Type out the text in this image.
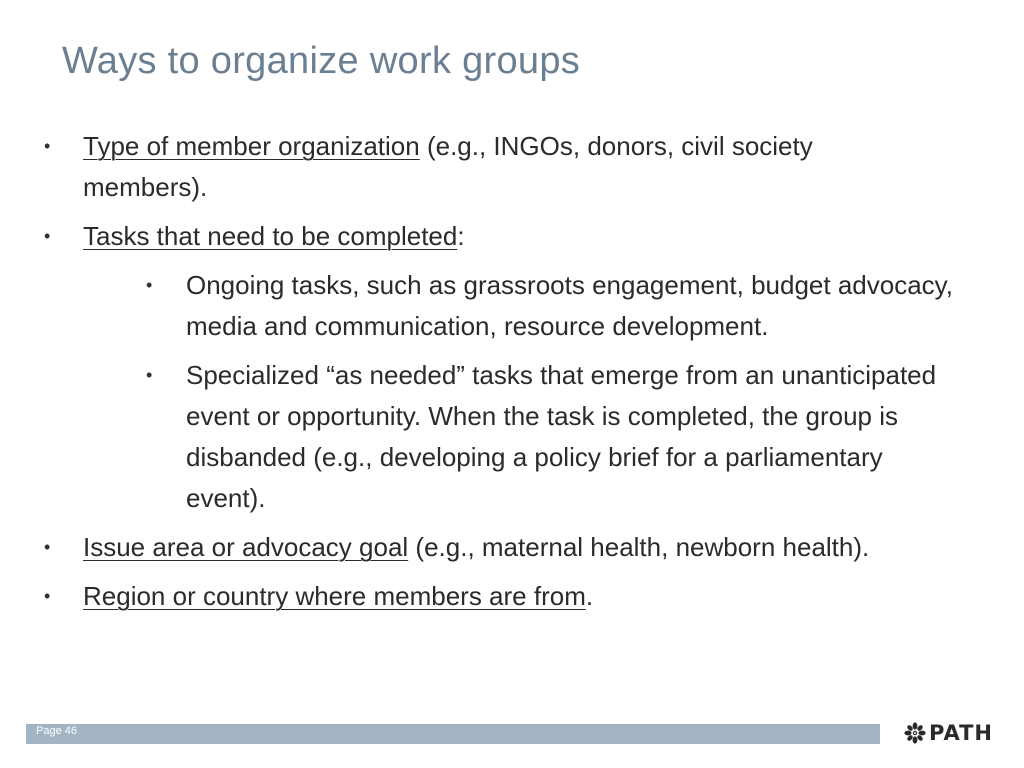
Ways to organize work groups
• Type of member organization (e.g., INGOs, donors, civil society members).
• Tasks that need to be completed:
• Ongoing tasks, such as grassroots engagement, budget advocacy, media and communication, resource development.
• Specialized “as needed” tasks that emerge from an unanticipated event or opportunity. When the task is completed, the group is disbanded (e.g., developing a policy brief for a parliamentary event).
• Issue area or advocacy goal (e.g., maternal health, newborn health).
• Region or country where members are from.
Page 46	PATH
